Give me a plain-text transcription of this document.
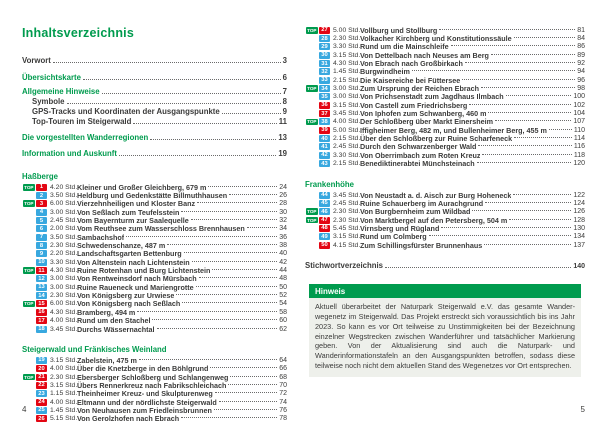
Inhaltsverzeichnis
Vorwort	3
Übersichtskarte	6
Allgemeine Hinweise	7
Symbole	8
GPS-Tracks und Koordinaten der Ausgangspunkte	9
Top-Touren im Steigerwald	11
Die vorgestellten Wanderregionen	13
Information und Auskunft	19
Haßberge
TOP	1	4.20 Std. Kleiner und Großer Gleichberg, 679 m	24
2	3.50 Std. Heldburg und Gedenkstätte Billmuthhausen	26
TOP	3	6.00 Std. Vierzehnheiligen und Kloster Banz	28
4	3.00 Std. Von Seßlach zum Teufelsstein	30
5	2.45 Std. Vom Bayernturm zur Saalequelle	32
6	2.00 Std. Vom Reuthsee zum Wasserschloss Brennhausen	34
7	3.50 Std. Sambachshof	36
8	2.30 Std. Schwedenschanze, 487 m	38
9	2.20 Std. Landschaftsgarten Bettenburg	40
10 3.30 Std. Von Altenstein nach Lichtenstein	42
TOP 11 4.30 Std. Ruine Rotenhan und Burg Lichtenstein	44
12 3.00 Std. Von Rentweinsdorf nach Mürsbach	48
13 3.00 Std. Ruine Raueneck und Mariengrotte	50
14 2.30 Std. Von Königsberg zur Urwiese	52
TOP 15 6.00 Std. Von Königsberg nach Seßlach	54
16 4.30 Std. Bramberg, 494 m	58
17 4.00 Std. Rund um den Stachel	60
18 3.45 Std. Durchs Wässernachtal	62
Steigerwald und Fränkisches Weinland
19 3.15 Std. Zabelstein, 475 m	64
20 4.00 Std. Über die Knetzberge in den Böhlgrund	66
TOP 21 2.30 Std. Ebersberger Schloßberg und Schlangenweg	68
22 3.15 Std. Übers Rennerkreuz nach Fabrikschleichach	70
23 1.15 Std. Theinheimer Kreuz- und Skulpturenweg	72
24 4.00 Std. Eltmann und der nördlichste Steigerwald	74
25 1.45 Std. Von Neuhausen zum Friedleinsbrunnen	76
26 5.15 Std. Von Gerolzhofen nach Ebrach	78
4
TOP 27 5.00 Std. Vollburg und Stollburg	81
28 2.30 Std. Volkacher Kirchberg und Konstitutionssäule	84
29 3.30 Std. Rund um die Mainschleife	86
30 3.15 Std. Von Dettelbach nach Neuses am Berg	89
31 4.30 Std. Von Ebrach nach Großbirkach	92
32 1.45 Std. Burgwindheim	94
33 2.15 Std. Die Kaisereiche bei Füttersee	96
TOP 34 3.00 Std. Zum Ursprung der Reichen Ebrach	98
35 3.00 Std. Von Prichsenstadt zum Jagdhaus Ilmbach	100
36 3.15 Std. Von Castell zum Friedrichsberg	102
37 3.45 Std. Von Iphofen zum Schwanberg, 460 m	104
TOP 38 4.00 Std. Der Schloßberg über Markt Einersheim	107
39 5.00 Std. Iffigheimer Berg, 482 m, und Bullenheimer Berg, 455 m	110
40 2.15 Std. Über den Schloßberg zur Ruine Scharfeneck	114
41 2.45 Std. Durch den Schwarzenberger Wald	116
42 3.30 Std. Von Oberrimbach zum Roten Kreuz	118
43 2.15 Std. Benediktinerabtei Münchsteinach	120
Frankenhöhe
44 3.45 Std. Von Neustadt a. d. Aisch zur Burg Hoheneck	122
45 2.45 Std. Ruine Schauerberg im Aurachgrund	124
TOP 46 2.30 Std. Von Burgbernheim zum Wildbad	126
TOP 47 2.30 Std. Von Marktbergel auf den Petersberg, 504 m	128
48 5.45 Std. Virnsberg und Rügland	130
49 3.15 Std. Rund um Colmberg	134
50 4.15 Std. Zum Schillingsfürster Brunnenhaus	137
Stichwortverzeichnis	140
Hinweis
Aktuell überarbeitet der Naturpark Steigerwald e.V. das gesamte Wanderwegenetz im Steigerwald. Das Projekt erstreckt sich voraussichtlich bis ins Jahr 2023. So kann es vor Ort teilweise zu Unstimmigkeiten bei der Bezeichnung einzelner Wegstrecken zwischen Wanderführer und tatsächlicher Markierung geben. Von der Aktualisierung sind auch die Naturpark- und Wanderinformationstafeln an den Ausgangspunkten betroffen, sodass diese teilweise noch nicht dem aktuellen Stand des Wegenetzes vor Ort entsprechen.
5
